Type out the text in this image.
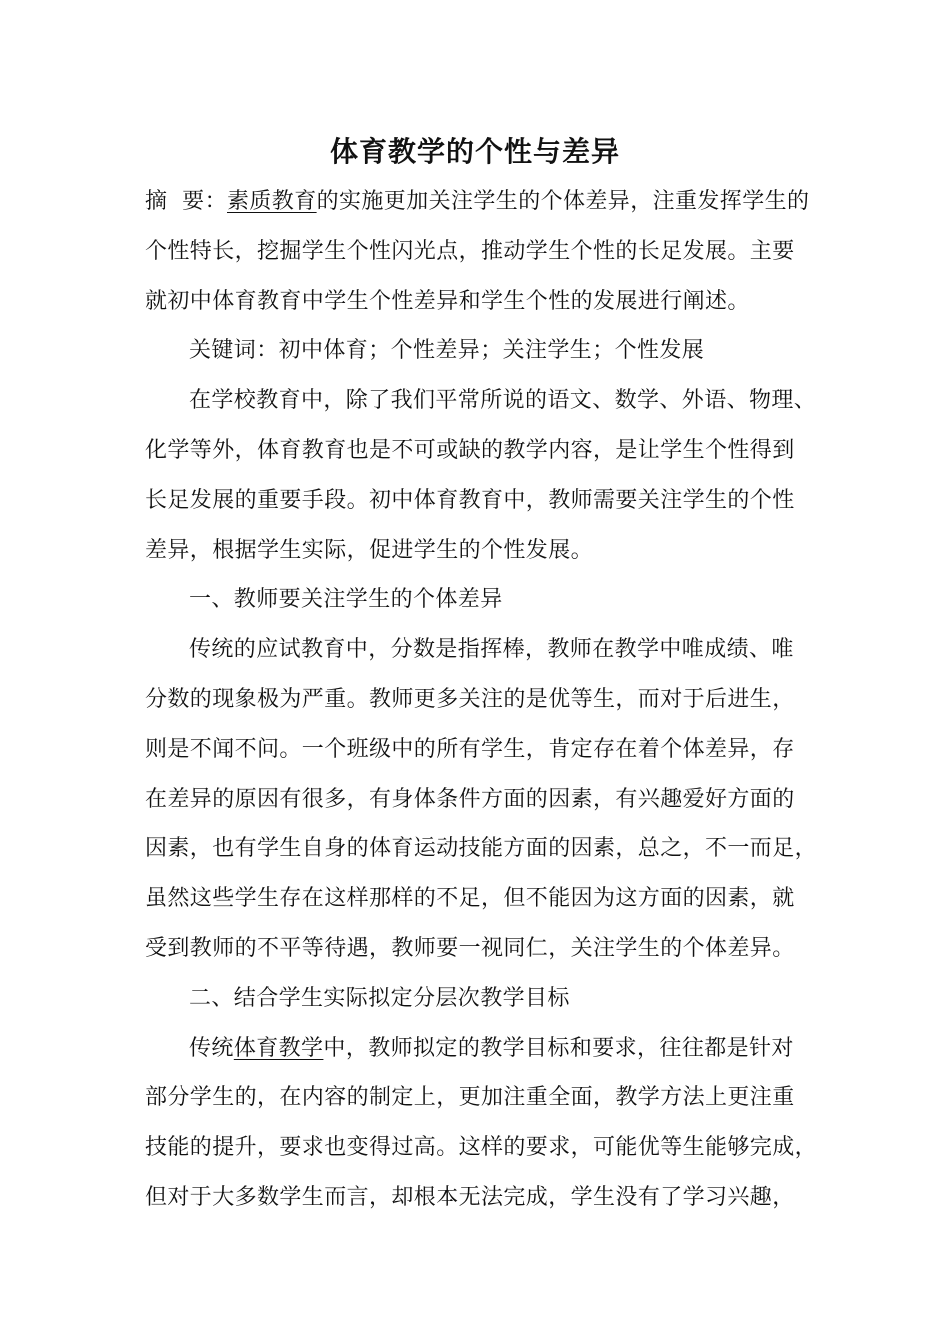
体育教学的个性与差异
摘  要：素质教育的实施更加关注学生的个体差异，注重发挥学生的
个性特长，挖掘学生个性闪光点，推动学生个性的长足发展。主要
就初中体育教育中学生个性差异和学生个性的发展进行阐述。
关键词：初中体育；个性差异；关注学生；个性发展
在学校教育中，除了我们平常所说的语文、数学、外语、物理、
化学等外，体育教育也是不可或缺的教学内容，是让学生个性得到
长足发展的重要手段。初中体育教育中，教师需要关注学生的个性
差异，根据学生实际，促进学生的个性发展。
一、教师要关注学生的个体差异
传统的应试教育中，分数是指挥棒，教师在教学中唯成绩、唯
分数的现象极为严重。教师更多关注的是优等生，而对于后进生，
则是不闻不问。一个班级中的所有学生，肯定存在着个体差异，存
在差异的原因有很多，有身体条件方面的因素，有兴趣爱好方面的
因素，也有学生自身的体育运动技能方面的因素，总之，不一而足，
虽然这些学生存在这样那样的不足，但不能因为这方面的因素，就
受到教师的不平等待遇，教师要一视同仁，关注学生的个体差异。
二、结合学生实际拟定分层次教学目标
传统体育教学中，教师拟定的教学目标和要求，往往都是针对
部分学生的，在内容的制定上，更加注重全面，教学方法上更注重
技能的提升，要求也变得过高。这样的要求，可能优等生能够完成，
但对于大多数学生而言，却根本无法完成，学生没有了学习兴趣，
